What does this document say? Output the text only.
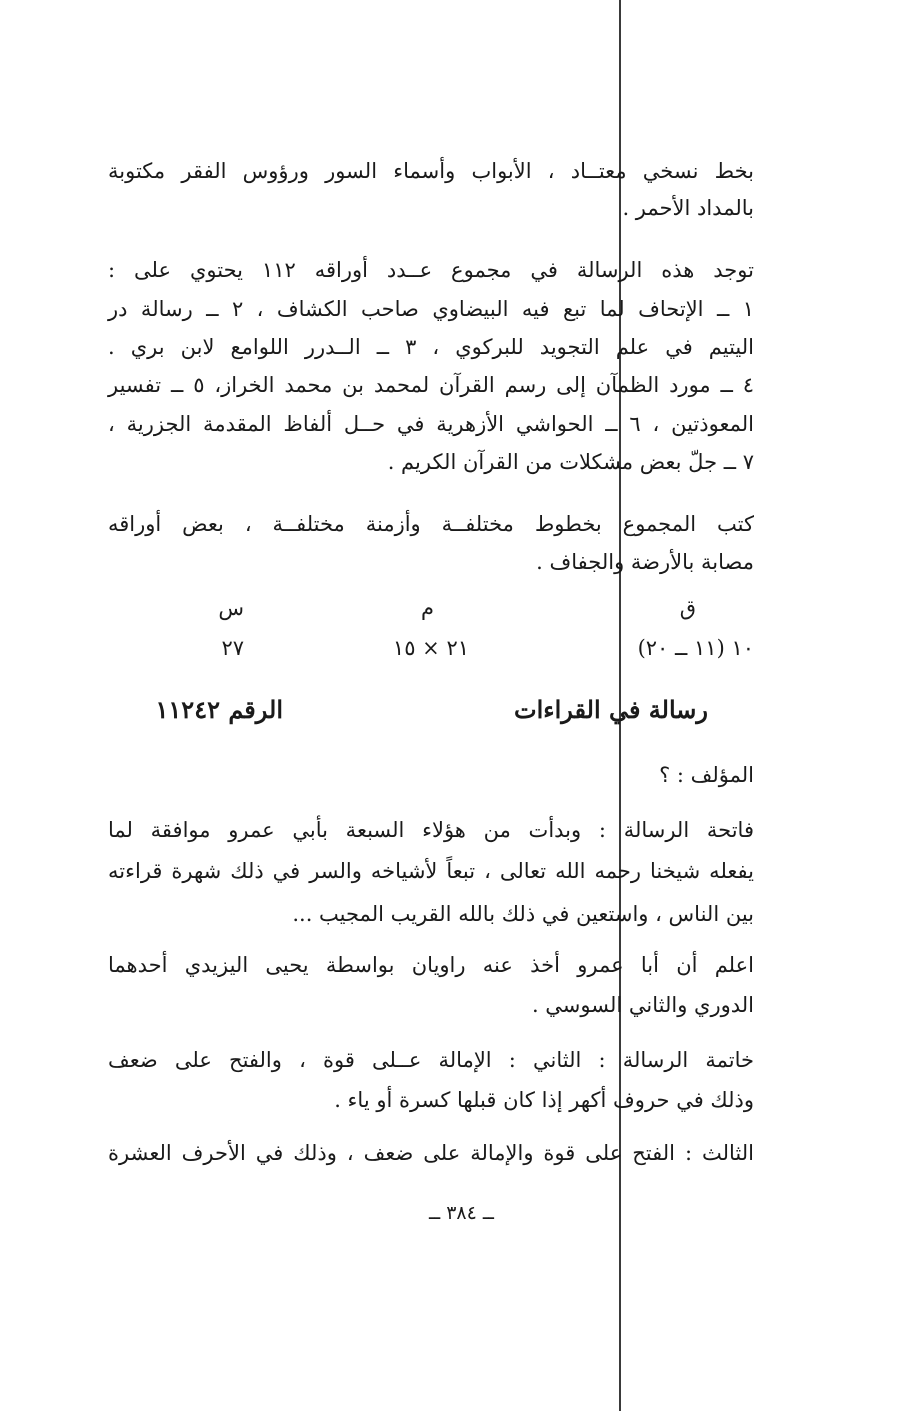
بخط نسخي معتــاد ، الأبواب وأسماء السور ورؤوس الفقر مكتوبة
بالمداد الأحمر .
توجد هذه الرسالة في مجموع عــدد أوراقه ١١٢ يحتوي على :
١ ــ الإتحاف لما تبع فيه البيضاوي صاحب الكشاف ، ٢ ــ رسالة در
اليتيم في علم التجويد للبركوي ، ٣ ــ الــدرر اللوامع لابن بري .
٤ ــ مورد الظمآن إلى رسم القرآن لمحمد بن محمد الخراز، ٥ ــ تفسير
المعوذتين ، ٦ ــ الحواشي الأزهرية في حــل ألفاظ المقدمة الجزرية ،
٧ ــ جلّ بعض مشكلات من القرآن الكريم .
كتب المجموع بخطوط مختلفــة وأزمنة مختلفــة ، بعض أوراقه
مصابة بالأرضة والجفاف .
ق
م
س
١٠ (١١ ــ ٢٠)
٢١ × ١٥
٢٧
رسالة في القراءات
الرقم ١١٢٤٢
المؤلف : ؟
فاتحة الرسالة : وبدأت من هؤلاء السبعة بأبي عمرو موافقة لما
يفعله شيخنا رحمه الله تعالى ، تبعاً لأشياخه والسر في ذلك شهرة قراءته
بين الناس ، واستعين في ذلك بالله القريب المجيب ...
اعلم أن أبا عمرو أخذ عنه راويان بواسطة يحيى اليزيدي أحدهما
الدوري والثاني السوسي .
خاتمة الرسالة : الثاني : الإمالة عــلى قوة ، والفتح على ضعف
وذلك في حروف أكهر إذا كان قبلها كسرة أو ياء .
الثالث : الفتح على قوة والإمالة على ضعف ، وذلك في الأحرف العشرة
ــ ٣٨٤ ــ
